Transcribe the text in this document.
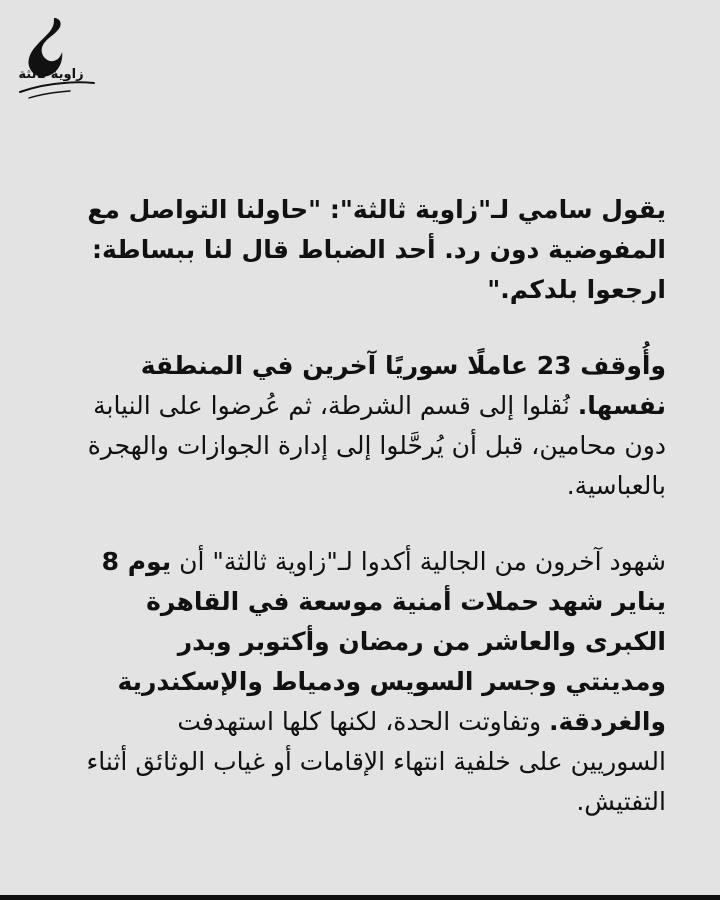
زاوية ثالثة

يقول سامي لـ"زاوية ثالثة": "حاولنا التواصل مع المفوضية دون رد. أحد الضباط قال لنا ببساطة: ارجعوا بلدكم."

وأُوقف 23 عاملًا سوريًا آخرين في المنطقة نفسها. نُقلوا إلى قسم الشرطة، ثم عُرضوا على النيابة دون محامين، قبل أن يُرحَّلوا إلى إدارة الجوازات والهجرة بالعباسية.

شهود آخرون من الجالية أكدوا لـ"زاوية ثالثة" أن يوم 8 يناير شهد حملات أمنية موسعة في القاهرة الكبرى والعاشر من رمضان وأكتوبر وبدر ومدينتي وجسر السويس ودمياط والإسكندرية والغردقة. وتفاوتت الحدة، لكنها كلها استهدفت السوريين على خلفية انتهاء الإقامات أو غياب الوثائق أثناء التفتيش.
